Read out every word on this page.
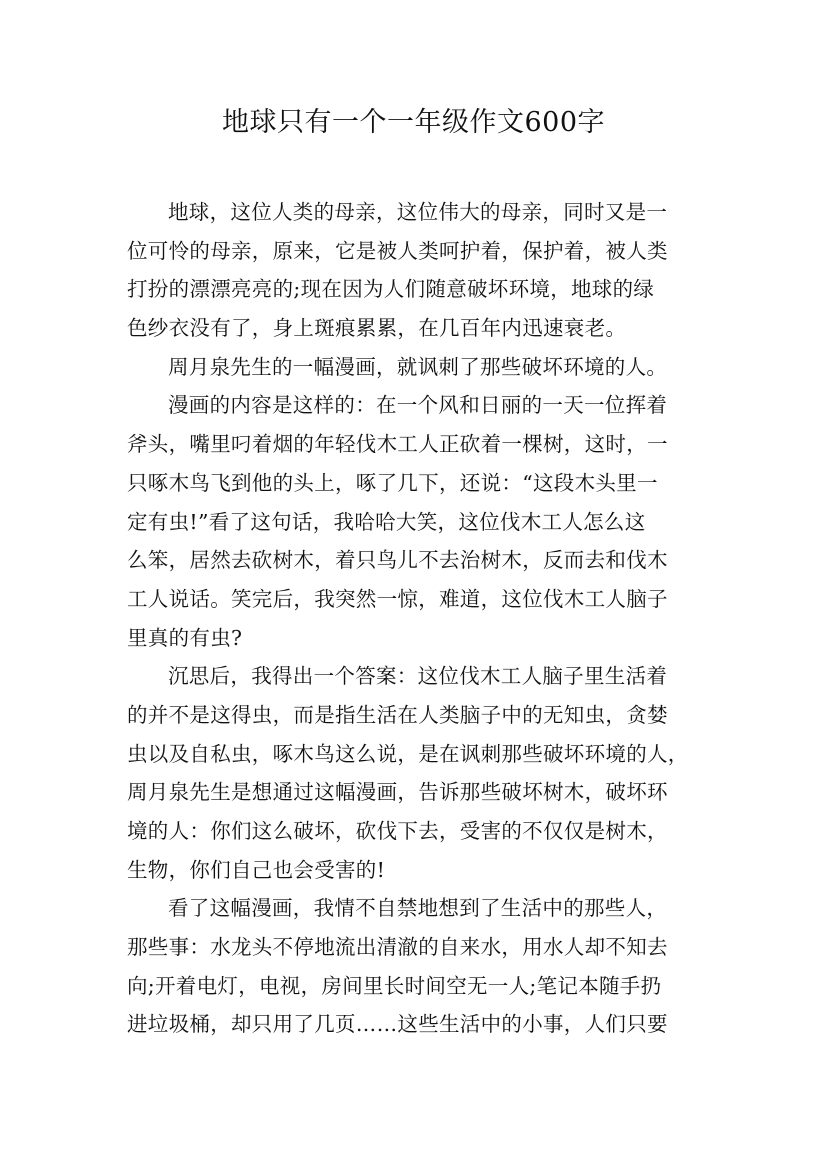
地球只有一个一年级作文600字
地球，这位人类的母亲，这位伟大的母亲，同时又是一
位可怜的母亲，原来，它是被人类呵护着，保护着，被人类
打扮的漂漂亮亮的;现在因为人们随意破坏环境，地球的绿
色纱衣没有了，身上斑痕累累，在几百年内迅速衰老。
周月泉先生的一幅漫画，就讽刺了那些破坏环境的人。
漫画的内容是这样的：在一个风和日丽的一天一位挥着
斧头，嘴里叼着烟的年轻伐木工人正砍着一棵树，这时，一
只啄木鸟飞到他的头上，啄了几下，还说：“这段木头里一
定有虫!”看了这句话，我哈哈大笑，这位伐木工人怎么这
么笨，居然去砍树木，着只鸟儿不去治树木，反而去和伐木
工人说话。笑完后，我突然一惊，难道，这位伐木工人脑子
里真的有虫?
沉思后，我得出一个答案：这位伐木工人脑子里生活着
的并不是这得虫，而是指生活在人类脑子中的无知虫，贪婪
虫以及自私虫，啄木鸟这么说，是在讽刺那些破坏环境的人，
周月泉先生是想通过这幅漫画，告诉那些破坏树木，破坏环
境的人：你们这么破坏，砍伐下去，受害的不仅仅是树木，
生物，你们自己也会受害的!
看了这幅漫画，我情不自禁地想到了生活中的那些人，
那些事：水龙头不停地流出清澈的自来水，用水人却不知去
向;开着电灯，电视，房间里长时间空无一人;笔记本随手扔
进垃圾桶，却只用了几页……这些生活中的小事，人们只要
